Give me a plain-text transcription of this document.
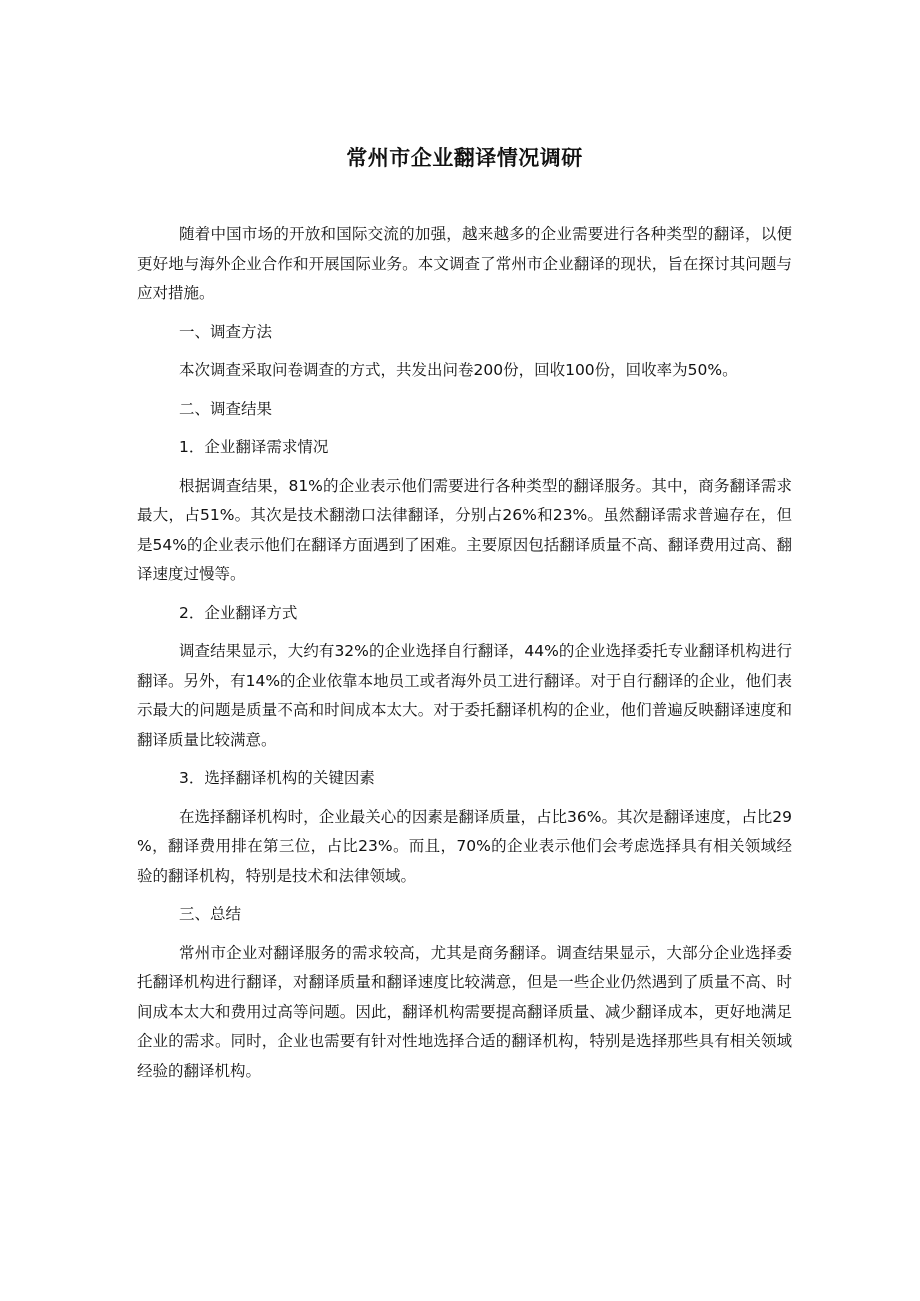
常州市企业翻译情况调研

随着中国市场的开放和国际交流的加强，越来越多的企业需要进行各种类型的翻译，以便更好地与海外企业合作和开展国际业务。本文调查了常州市企业翻译的现状，旨在探讨其问题与应对措施。

一、调查方法

本次调查采取问卷调查的方式，共发出问卷200份，回收100份，回收率为50%。

二、调查结果

1．企业翻译需求情况

根据调查结果，81%的企业表示他们需要进行各种类型的翻译服务。其中，商务翻译需求最大，占51%。其次是技术翻渤口法律翻译，分别占26%和23%。虽然翻译需求普遍存在，但是54%的企业表示他们在翻译方面遇到了困难。主要原因包括翻译质量不高、翻译费用过高、翻译速度过慢等。

2．企业翻译方式

调查结果显示，大约有32%的企业选择自行翻译，44%的企业选择委托专业翻译机构进行翻译。另外，有14%的企业依靠本地员工或者海外员工进行翻译。对于自行翻译的企业，他们表示最大的问题是质量不高和时间成本太大。对于委托翻译机构的企业，他们普遍反映翻译速度和翻译质量比较满意。

3．选择翻译机构的关键因素

在选择翻译机构时，企业最关心的因素是翻译质量，占比36%。其次是翻译速度，占比29%，翻译费用排在第三位，占比23%。而且，70%的企业表示他们会考虑选择具有相关领域经验的翻译机构，特别是技术和法律领域。

三、总结

常州市企业对翻译服务的需求较高，尤其是商务翻译。调查结果显示，大部分企业选择委托翻译机构进行翻译，对翻译质量和翻译速度比较满意，但是一些企业仍然遇到了质量不高、时间成本太大和费用过高等问题。因此，翻译机构需要提高翻译质量、减少翻译成本，更好地满足企业的需求。同时，企业也需要有针对性地选择合适的翻译机构，特别是选择那些具有相关领域经验的翻译机构。
